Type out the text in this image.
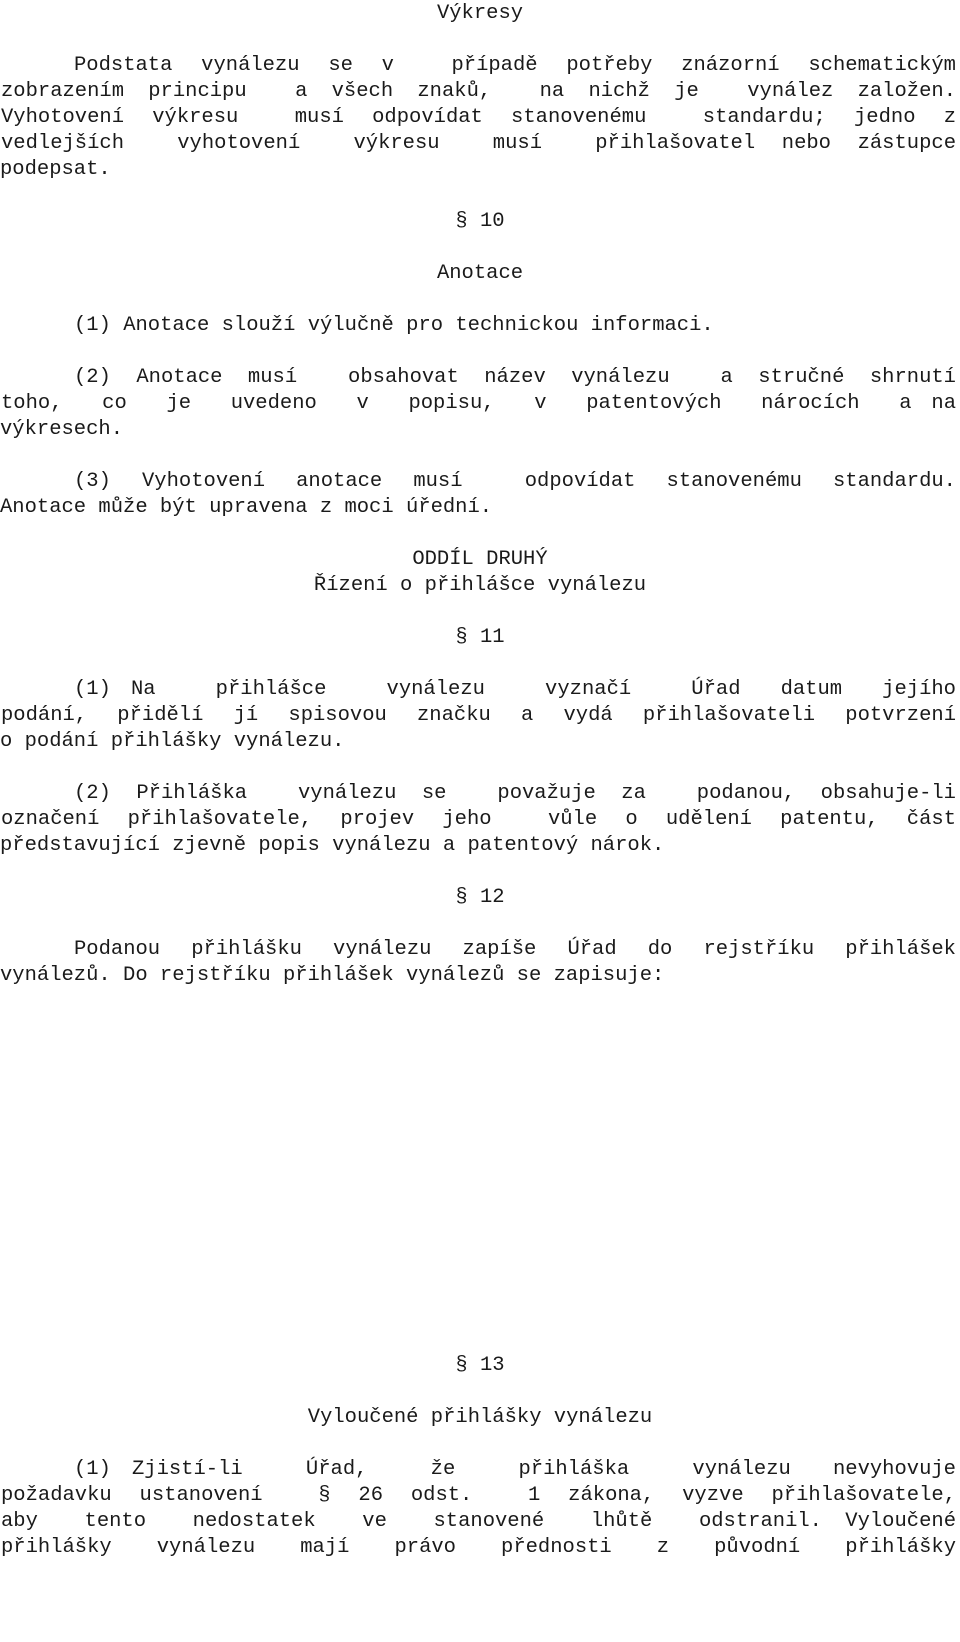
Výkresy
Podstata vynálezu se v  případě potřeby znázorní schematickým
zobrazením principu  a všech znaků,  na nichž je  vynález založen.
Vyhotovení výkresu  musí odpovídat stanovenému  standardu; jedno z
vedlejších  vyhotovení  výkresu  musí  přihlašovatel nebo zástupce
podepsat.
§ 10
Anotace
(1) Anotace slouží výlučně pro technickou informaci.
(2) Anotace musí  obsahovat název vynálezu  a stručné shrnutí
toho,  co  je  uvedeno  v  popisu,  v  patentových  nárocích  a na
výkresech.
(3) Vyhotovení anotace musí  odpovídat stanovenému standardu.
Anotace může být upravena z moci úřední.
ODDÍL DRUHÝ
Řízení o přihlášce vynálezu
§ 11
(1) Na   přihlášce   vynálezu   vyznačí   Úřad  datum  jejího
podání, přidělí jí spisovou značku a vydá přihlašovateli potvrzení
o podání přihlášky vynálezu.
(2) Přihláška  vynálezu se  považuje za  podanou, obsahuje-li
označení přihlašovatele, projev jeho  vůle o udělení patentu, část
představující zjevně popis vynálezu a patentový nárok.
§ 12
Podanou přihlášku vynálezu zapíše Úřad do rejstříku přihlášek
vynálezů. Do rejstříku přihlášek vynálezů se zapisuje:

§ 13
Vyloučené přihlášky vynálezu
(1) Zjistí-li   Úřad,   že   přihláška   vynálezu  nevyhovuje
požadavku ustanovení  § 26 odst.  1 zákona, vyzve přihlašovatele,
aby  tento  nedostatek  ve  stanovené  lhůtě  odstranil. Vyloučené
přihlášky  vynálezu  mají  právo  přednosti  z  původní  přihlášky
